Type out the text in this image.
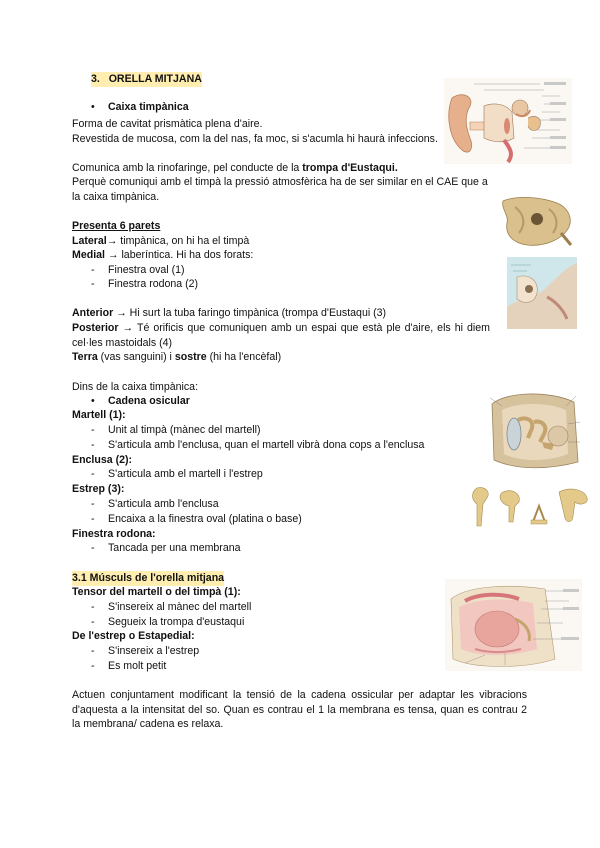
3. ORELLA MITJANA
• Caixa timpànica
Forma de cavitat prismàtica plena d'aire.
Revestida de mucosa, com la del nas, fa moc, si s'acumla hi haurà infeccions.
Comunica amb la rinofaringe, pel conducte de la trompa d'Eustaqui.
Perquè comuniqui amb el timpà la pressió atmosfèrica ha de ser similar en el CAE que a la caixa timpànica.
Presenta 6 parets
Lateral→ timpànica, on hi ha el timpà
Medial → laberíntica. Hi ha dos forats:
- Finestra oval (1)
- Finestra rodona (2)
Anterior → Hi surt la tuba faringo timpànica (trompa d'Eustaqui (3)
Posterior → Té orificis que comuniquen amb un espai que està ple d'aire, els hi diem cel·les mastoidals (4)
Terra (vas sanguini) i sostre (hi ha l'encèfal)
Dins de la caixa timpànica:
• Cadena osicular
Martell (1):
- Unit al timpà (mànec del martell)
- S'articula amb l'enclusa, quan el martell vibrà dona cops a l'enclusa
Enclusa (2):
- S'articula amb el martell i l'estrep
Estrep (3):
- S'articula amb l'enclusa
- Encaixa a la finestra oval (platina o base)
Finestra rodona:
- Tancada per una membrana
3.1 Músculs de l'orella mitjana
Tensor del martell o del timpà (1):
- S'insereix al mànec del martell
- Segueix la trompa d'eustaqui
De l'estrep o Estapedial:
- S'insereix a l'estrep
- Es molt petit
Actuen conjuntament modificant la tensió de la cadena ossicular per adaptar les vibracions d'aquesta a la intensitat del so. Quan es contrau el 1 la membrana es tensa, quan es contrau 2 la membrana/ cadena es relaxa.
